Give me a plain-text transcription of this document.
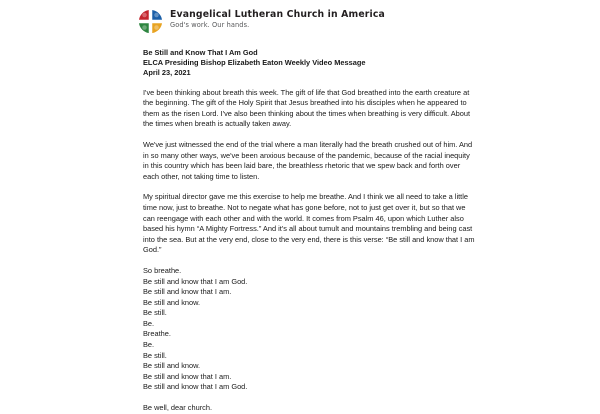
Evangelical Lutheran Church in America
God's work. Our hands.
Be Still and Know That I Am God
ELCA Presiding Bishop Elizabeth Eaton Weekly Video Message
April 23, 2021

I've been thinking about breath this week. The gift of life that God breathed into the earth creature at the beginning. The gift of the Holy Spirit that Jesus breathed into his disciples when he appeared to them as the risen Lord. I've also been thinking about the times when breathing is very difficult. About the times when breath is actually taken away.

We've just witnessed the end of the trial where a man literally had the breath crushed out of him. And in so many other ways, we've been anxious because of the pandemic, because of the racial inequity in this country which has been laid bare, the breathless rhetoric that we spew back and forth over each other, not taking time to listen.

My spiritual director gave me this exercise to help me breathe. And I think we all need to take a little time now, just to breathe. Not to negate what has gone before, not to just get over it, but so that we can reengage with each other and with the world. It comes from Psalm 46, upon which Luther also based his hymn “A Mighty Fortress.” And it's all about tumult and mountains trembling and being cast into the sea. But at the very end, close to the very end, there is this verse: “Be still and know that I am God.”

So breathe.
Be still and know that I am God.
Be still and know that I am.
Be still and know.
Be still.
Be.
Breathe.
Be.
Be still.
Be still and know.
Be still and know that I am.
Be still and know that I am God.

Be well, dear church.
